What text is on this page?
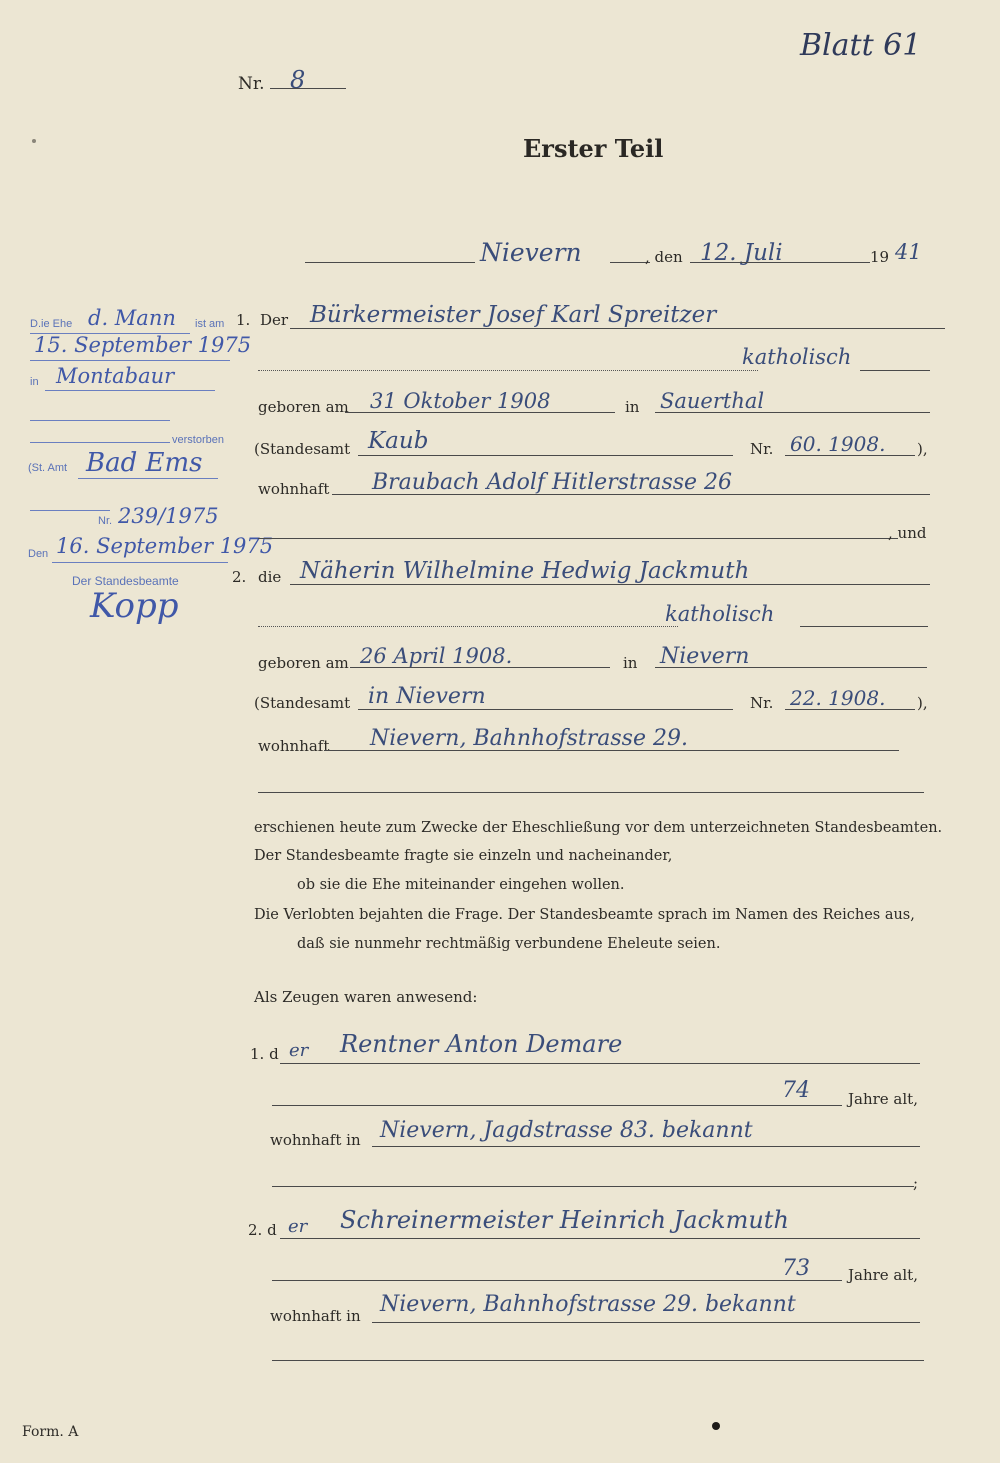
Blatt 61
Nr. 8
Erster Teil
Nievern	, den 12. Juli	19 41
D.ie Ehe d. Mann ist am
15. September 1975
in Montabaur
verstorben
(St. Amt Bad Ems
Nr. 239/1975
Den 16. September 1975
Der Standesbeamte
Kopp
1. Der Bürkermeister Josef Karl Spreitzer
katholisch
geboren am 31 Oktober 1908	in Sauerthal
(Standesamt Kaub	Nr. 60. 1908. ),
wohnhaft Braubach Adolf Hitlerstrasse 26
, und
2. die Näherin Wilhelmine Hedwig Jackmuth
katholisch
geboren am 26 April 1908.	in Nievern
(Standesamt in Nievern	Nr. 22. 1908. ),
wohnhaft Nievern, Bahnhofstrasse 29.
erschienen heute zum Zwecke der Eheschließung vor dem unterzeichneten Standesbeamten.
Der Standesbeamte fragte sie einzeln und nacheinander,
ob sie die Ehe miteinander eingehen wollen.
Die Verlobten bejahten die Frage. Der Standesbeamte sprach im Namen des Reiches aus,
daß sie nunmehr rechtmäßig verbundene Eheleute seien.
Als Zeugen waren anwesend:
1. d er Rentner Anton Demare
74	Jahre alt,
wohnhaft in Nievern, Jagdstrasse 83. bekannt
;
2. d er Schreinermeister Heinrich Jackmuth
73	Jahre alt,
wohnhaft in Nievern, Bahnhofstrasse 29. bekannt
Form. A
